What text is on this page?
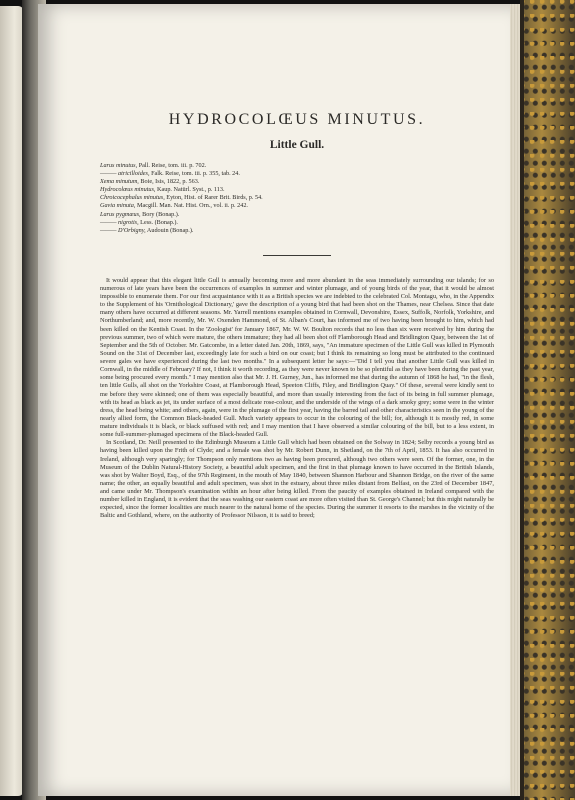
HYDROCOLŒUS MINUTUS.
Little Gull.
Larus minutus, Pall. Reise, tom. iii. p. 702.
——— atricilloides, Falk. Reise, tom. iii. p. 355, tab. 24.
Xema minutum, Boie, Isis, 1822, p. 563.
Hydrocolœus minutus, Kaup. Natürl. Syst., p. 113.
Chroicocephalus minutus, Eyton, Hist. of Rarer Brit. Birds, p. 54.
Gavia minuta, Macgill. Man. Nat. Hist. Orn., vol. ii. p. 242.
Larus pygmæus, Bory (Bonap.).
——— nigrotis, Less. (Bonap.).
——— D'Orbigny, Audouin (Bonap.).

It would appear that this elegant little Gull is annually becoming more and more abundant in the seas immediately surrounding our islands; for so numerous of late years have been the occurrences of examples in summer and winter plumage, and of young birds of the year, that it would be almost impossible to enumerate them. For our first acquaintance with it as a British species we are indebted to the celebrated Col. Montagu, who, in the Appendix to the Supplement of his 'Ornithological Dictionary,' gave the description of a young bird that had been shot on the Thames, near Chelsea. Since that date many others have occurred at different seasons. Mr. Yarrell mentions examples obtained in Cornwall, Devonshire, Essex, Suffolk, Norfolk, Yorkshire, and Northumberland; and, more recently, Mr. W. Oxenden Hammond, of St. Alban's Court, has informed me of two having been brought to him, which had been killed on the Kentish Coast. In the 'Zoologist' for January 1867, Mr. W. W. Boulton records that no less than six were received by him during the previous summer, two of which were mature, the others immature; they had all been shot off Flamborough Head and Bridlington Quay, between the 1st of September and the 5th of October. Mr. Gatcombe, in a letter dated Jan. 20th, 1869, says, "An immature specimen of the Little Gull was killed in Plymouth Sound on the 31st of December last, exceedingly late for such a bird on our coast; but I think its remaining so long must be attributed to the continued severe gales we have experienced during the last two months." In a subsequent letter he says:—"Did I tell you that another Little Gull was killed in Cornwall, in the middle of February? If not, I think it worth recording, as they were never known to be so plentiful as they have been during the past year, some being procured every month." I may mention also that Mr. J. H. Gurney, Jun., has informed me that during the autumn of 1868 he had, "in the flesh, ten little Gulls, all shot on the Yorkshire Coast, at Flamborough Head, Speeton Cliffs, Filey, and Bridlington Quay." Of these, several were kindly sent to me before they were skinned; one of them was especially beautiful, and more than usually interesting from the fact of its being in full summer plumage, with its head as black as jet, its under surface of a most delicate rose-colour, and the underside of the wings of a dark smoky grey; some were in the winter dress, the head being white; and others, again, were in the plumage of the first year, having the barred tail and other characteristics seen in the young of the nearly allied form, the Common Black-headed Gull. Much variety appears to occur in the colouring of the bill; for, although it is mostly red, in some mature individuals it is black, or black suffused with red; and I may mention that I have observed a similar colouring of the bill, but to a less extent, in some full-summer-plumaged specimens of the Black-headed Gull.

In Scotland, Dr. Neill presented to the Edinburgh Museum a Little Gull which had been obtained on the Solway in 1824; Selby records a young bird as having been killed upon the Frith of Clyde; and a female was shot by Mr. Robert Dunn, in Shetland, on the 7th of April, 1853. It has also occurred in Ireland, although very sparingly; for Thompson only mentions two as having been procured, although two others were seen. Of the former, one, in the Museum of the Dublin Natural-History Society, a beautiful adult specimen, and the first in that plumage known to have occurred in the British Islands, was shot by Walter Boyd, Esq., of the 97th Regiment, in the mouth of May 1840, between Shannon Harbour and Shannon Bridge, on the river of the same name; the other, an equally beautiful and adult specimen, was shot in the estuary, about three miles distant from Belfast, on the 23rd of December 1847, and came under Mr. Thompson's examination within an hour after being killed. From the paucity of examples obtained in Ireland compared with the number killed in England, it is evident that the seas washing our eastern coast are more often visited than St. George's Channel; but this might naturally be expected, since the former localities are much nearer to the natural home of the species. During the summer it resorts to the marshes in the vicinity of the Baltic and Gothland, where, on the authority of Professor Nilsson, it is said to breed;
